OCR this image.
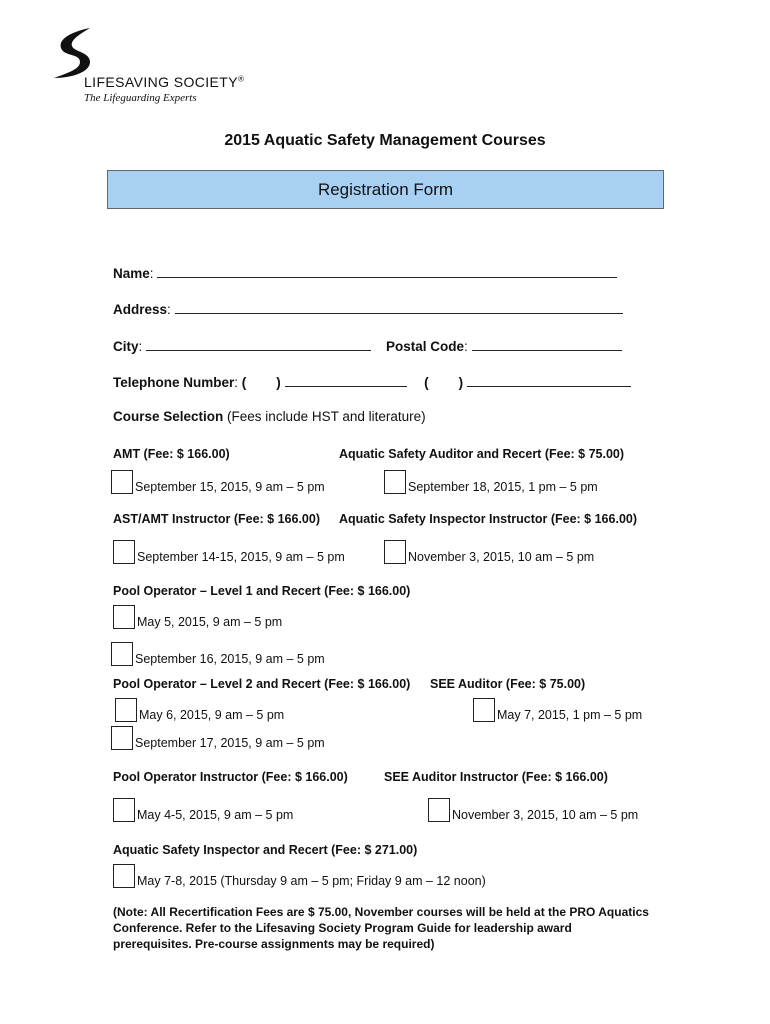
LIFESAVING SOCIETY®
The Lifeguarding Experts
2015 Aquatic Safety Management Courses
Registration Form
Name:
Address:
City:	Postal Code:
Telephone Number: ( )	( )
Course Selection (Fees include HST and literature)
AMT (Fee: $ 166.00)	Aquatic Safety Auditor and Recert (Fee: $ 75.00)
September 15, 2015, 9 am – 5 pm	September 18, 2015, 1 pm – 5 pm
AST/AMT Instructor (Fee: $ 166.00) Aquatic Safety Inspector Instructor (Fee: $ 166.00)
September 14-15, 2015, 9 am – 5 pm	November 3, 2015, 10 am – 5 pm
Pool Operator – Level 1 and Recert (Fee: $ 166.00)
May 5, 2015, 9 am – 5 pm
September 16, 2015, 9 am – 5 pm
Pool Operator – Level 2 and Recert (Fee: $ 166.00) SEE Auditor (Fee: $ 75.00)
May 6, 2015, 9 am – 5 pm	May 7, 2015, 1 pm – 5 pm
September 17, 2015, 9 am – 5 pm
Pool Operator Instructor (Fee: $ 166.00)	SEE Auditor Instructor (Fee: $ 166.00)
May 4-5, 2015, 9 am – 5 pm	November 3, 2015, 10 am – 5 pm
Aquatic Safety Inspector and Recert (Fee: $ 271.00)
May 7-8, 2015 (Thursday 9 am – 5 pm; Friday 9 am – 12 noon)
(Note: All Recertification Fees are $ 75.00, November courses will be held at the PRO Aquatics Conference. Refer to the Lifesaving Society Program Guide for leadership award prerequisites. Pre-course assignments may be required)
